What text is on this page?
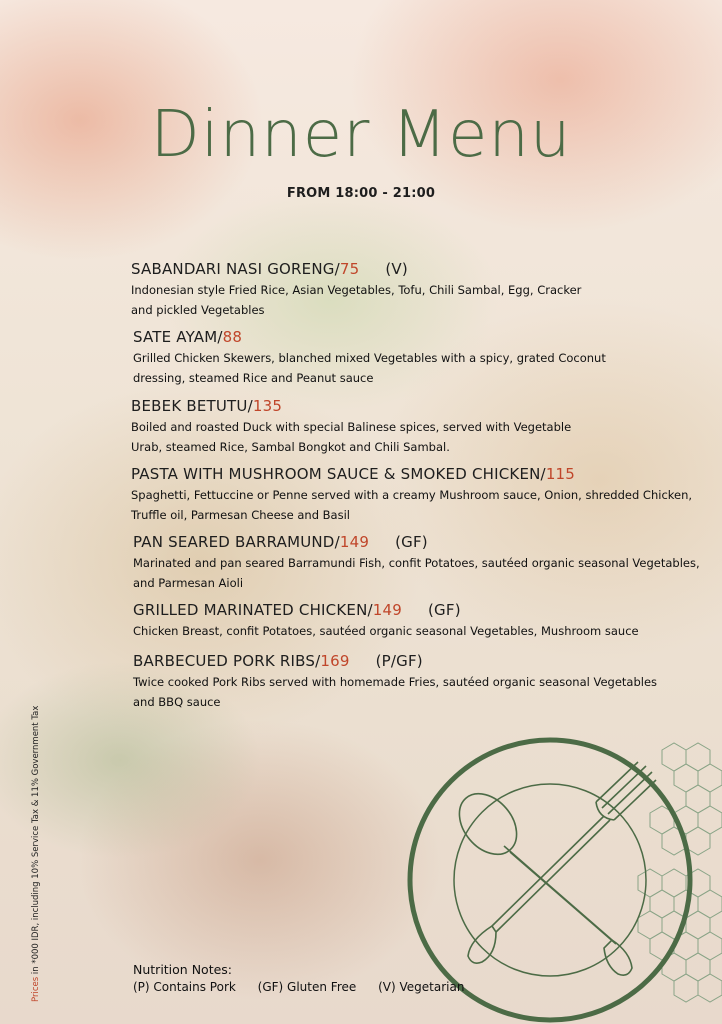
Dinner Menu
FROM 18:00 - 21:00
SABANDARI NASI GORENG/75 (V)
Indonesian style Fried Rice, Asian Vegetables, Tofu, Chili Sambal, Egg, Cracker
and pickled Vegetables
SATE AYAM/88
Grilled Chicken Skewers, blanched mixed Vegetables with a spicy, grated Coconut
dressing, steamed Rice and Peanut sauce
BEBEK BETUTU/135
Boiled and roasted Duck with special Balinese spices, served with Vegetable
Urab, steamed Rice, Sambal Bongkot and Chili Sambal.
PASTA WITH MUSHROOM SAUCE & SMOKED CHICKEN/115
Spaghetti, Fettuccine or Penne served with a creamy Mushroom sauce, Onion, shredded Chicken,
Truffle oil, Parmesan Cheese and Basil
PAN SEARED BARRAMUND/149 (GF)
Marinated and pan seared Barramundi Fish, confit Potatoes, sautéed organic seasonal Vegetables,
and Parmesan Aioli
GRILLED MARINATED CHICKEN/149 (GF)
Chicken Breast, confit Potatoes, sautéed organic seasonal Vegetables, Mushroom sauce
BARBECUED PORK RIBS/169 (P/GF)
Twice cooked Pork Ribs served with homemade Fries, sautéed organic seasonal Vegetables
and BBQ sauce
Nutrition Notes:
(P) Contains Pork (GF) Gluten Free (V) Vegetarian
Prices in *000 IDR, including 10% Service Tax & 11% Government Tax
